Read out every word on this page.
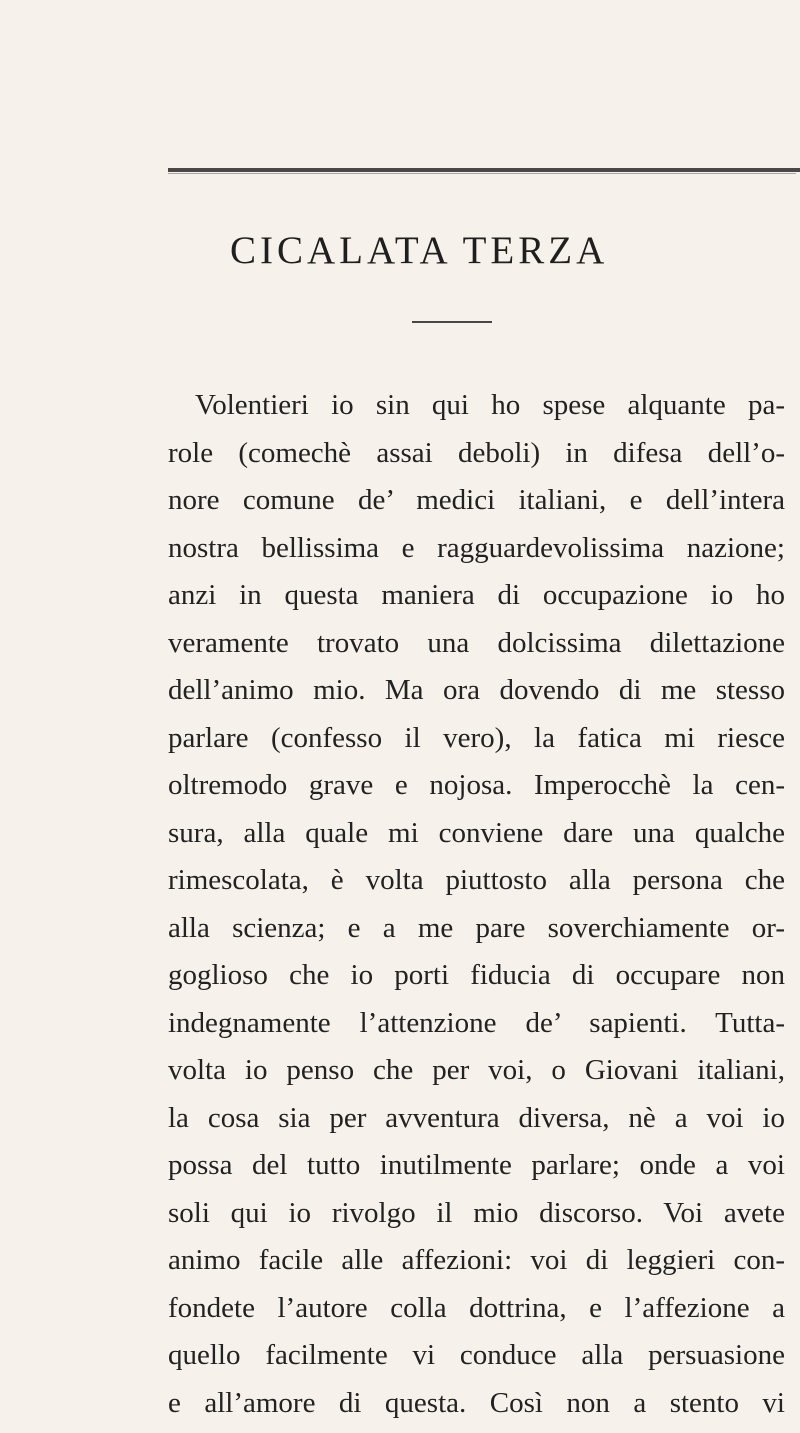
CICALATA TERZA
Volentieri io sin qui ho spese alquante pa-
role (comechè assai deboli) in difesa dell’o-
nore comune de’ medici italiani, e dell’intera
nostra bellissima e ragguardevolissima nazione;
anzi in questa maniera di occupazione io ho
veramente trovato una dolcissima dilettazione
dell’animo mio. Ma ora dovendo di me stesso
parlare (confesso il vero), la fatica mi riesce
oltremodo grave e nojosa. Imperocchè la cen-
sura, alla quale mi conviene dare una qualche
rimescolata, è volta piuttosto alla persona che
alla scienza; e a me pare soverchiamente or-
goglioso che io porti fiducia di occupare non
indegnamente l’attenzione de’ sapienti. Tutta-
volta io penso che per voi, o Giovani italiani,
la cosa sia per avventura diversa, nè a voi io
possa del tutto inutilmente parlare; onde a voi
soli qui io rivolgo il mio discorso. Voi avete
animo facile alle affezioni: voi di leggieri con-
fondete l’autore colla dottrina, e l’affezione a
quello facilmente vi conduce alla persuasione
e all’amore di questa. Così non a stento vi
